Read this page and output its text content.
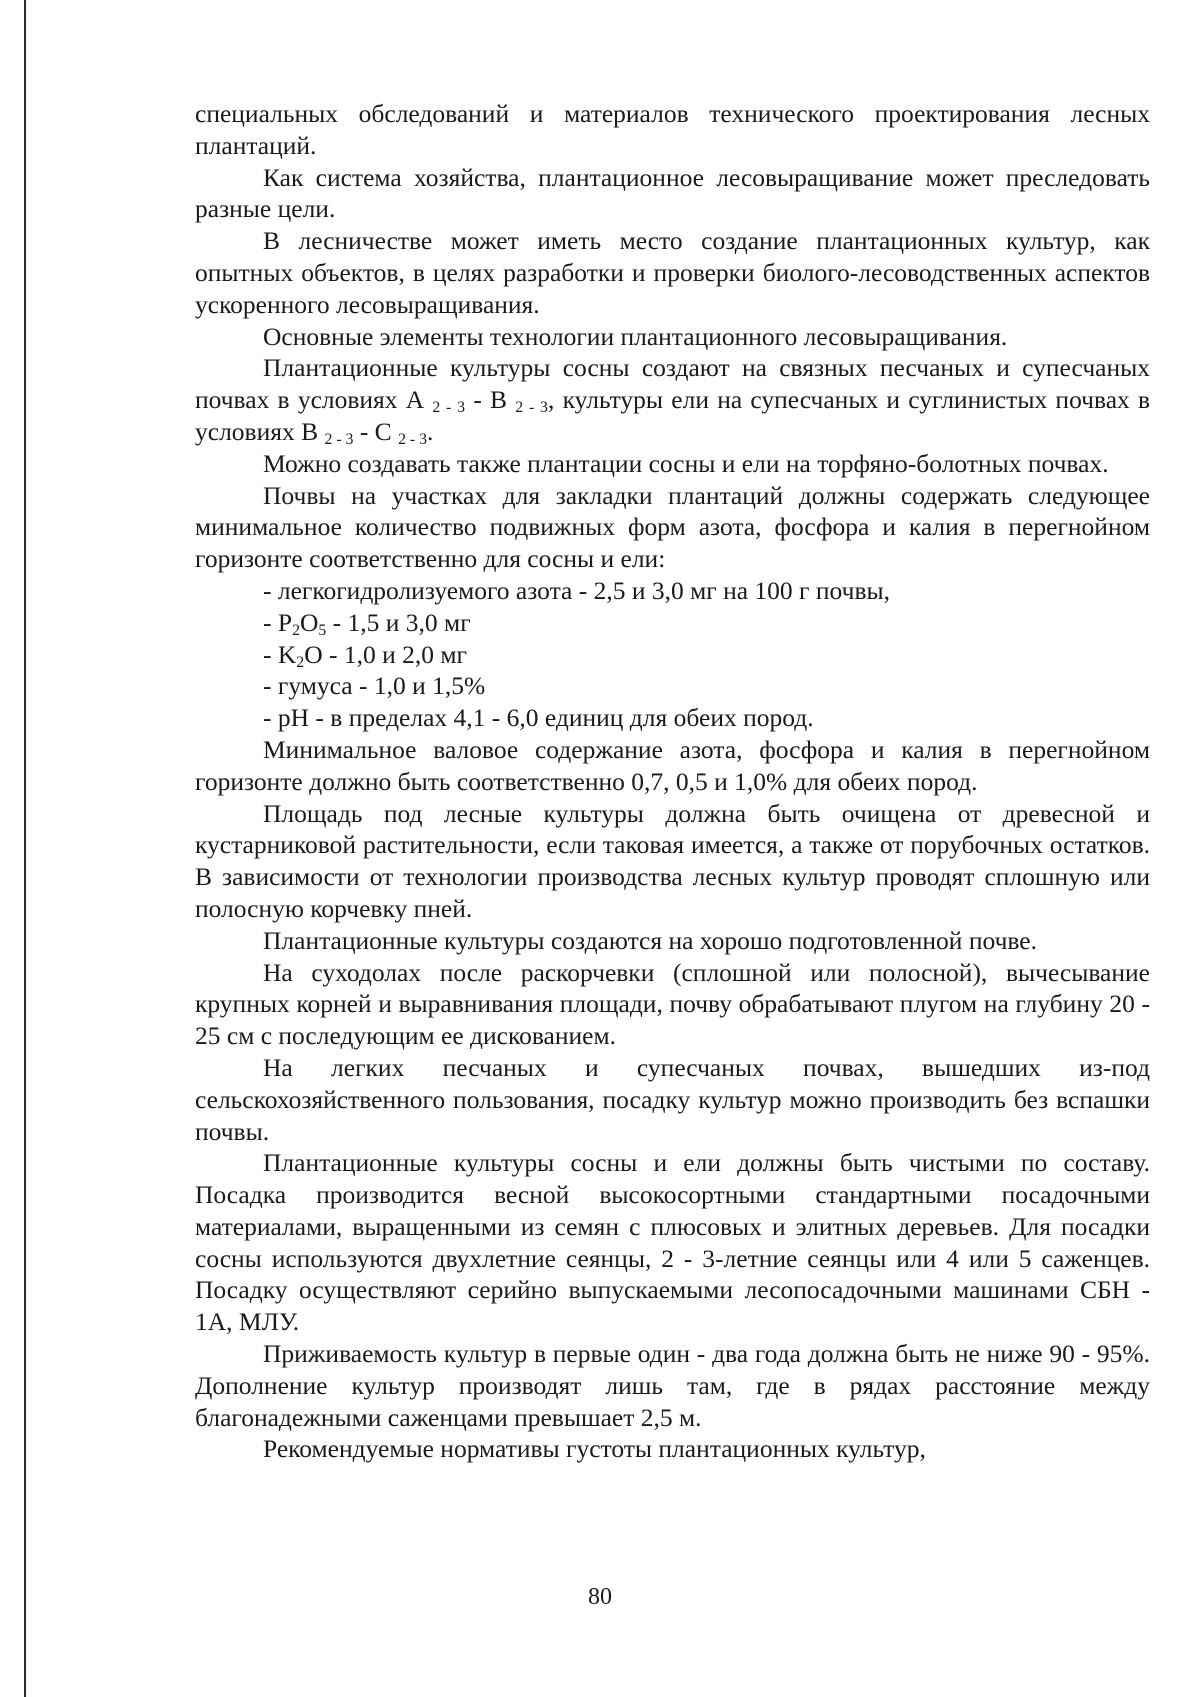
специальных обследований и материалов технического проектирования лесных плантаций.

Как система хозяйства, плантационное лесовыращивание может преследовать разные цели.

В лесничестве может иметь место создание плантационных культур, как опытных объектов, в целях разработки и проверки биолого-лесоводственных аспектов ускоренного лесовыращивания.

Основные элементы технологии плантационного лесовыращивания.

Плантационные культуры сосны создают на связных песчаных и супесчаных почвах в условиях А $_{2 - 3}$ - В $_{2 - 3}$, культуры ели на супесчаных и суглинистых почвах в условиях В $_{2 - 3}$ - С $_{2 - 3}$.

Можно создавать также плантации сосны и ели на торфяно-болотных почвах.

Почвы на участках для закладки плантаций должны содержать следующее минимальное количество подвижных форм азота, фосфора и калия в перегнойном горизонте соответственно для сосны и ели:

- легкогидролизуемого азота - 2,5 и 3,0 мг на 100 г почвы,

- $P_2O_5 - 1,5$ и 3,0 мг

- $K_2O - 1,0$ и 2,0 мг

- гумуса - 1,0 и 1,5%

- pH - в пределах 4,1 - 6,0 единиц для обеих пород.

Минимальное валовое содержание азота, фосфора и калия в перегнойном горизонте должно быть соответственно 0,7, 0,5 и 1,0% для обеих пород.

Площадь под лесные культуры должна быть очищена от древесной и кустарниковой растительности, если таковая имеется, а также от порубочных остатков. В зависимости от технологии производства лесных культур проводят сплошную или полосную корчевку пней.

Плантационные культуры создаются на хорошо подготовленной почве.

На суходолах после раскорчевки (сплошной или полосной), вычесывание крупных корней и выравнивания площади, почву обрабатывают плугом на глубину 20 - 25 см с последующим ее дискованием.

На легких песчаных и супесчаных почвах, вышедших из-под сельскохозяйственного пользования, посадку культур можно производить без вспашки почвы.

Плантационные культуры сосны и ели должны быть чистыми по составу. Посадка производится весной высокосортными стандартными посадочными материалами, выращенными из семян с плюсовых и элитных деревьев. Для посадки сосны используются двухлетние сеянцы, 2 - 3-летние сеянцы или 4 или 5 саженцев. Посадку осуществляют серийно выпускаемыми лесопосадочными машинами СБН - 1А, МЛУ.

Приживаемость культур в первые один - два года должна быть не ниже 90 - 95%. Дополнение культур производят лишь там, где в рядах расстояние между благонадежными саженцами превышает 2,5 м.

Рекомендуемые нормативы густоты плантационных культур,

80
